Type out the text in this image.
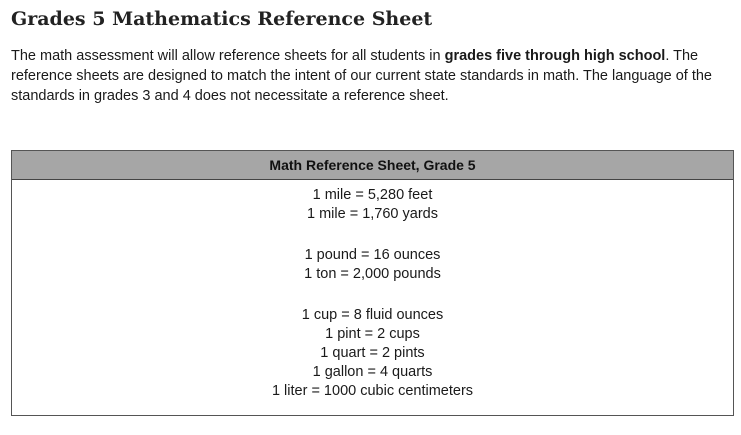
Grades 5 Mathematics Reference Sheet

The math assessment will allow reference sheets for all students in grades five through high school. The reference sheets are designed to match the intent of our current state standards in math. The language of the standards in grades 3 and 4 does not necessitate a reference sheet.

Math Reference Sheet, Grade 5
1 mile = 5,280 feet
1 mile = 1,760 yards
1 pound = 16 ounces
1 ton = 2,000 pounds
1 cup = 8 fluid ounces
1 pint = 2 cups
1 quart = 2 pints
1 gallon = 4 quarts
1 liter = 1000 cubic centimeters
